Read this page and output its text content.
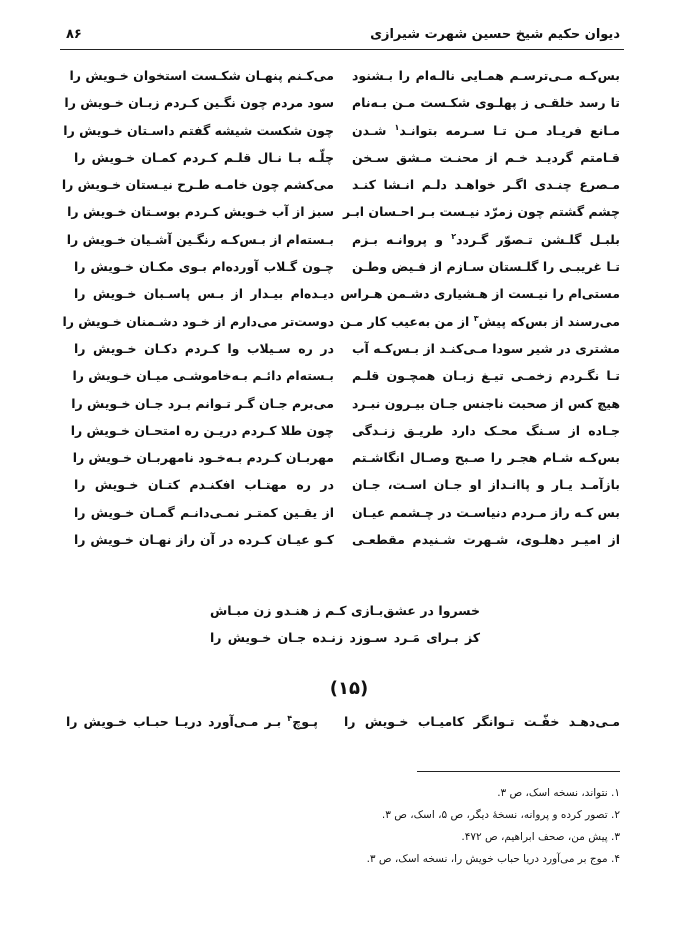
دیوان حکیم شیخ حسین شهرت شیرازی
۸۶
بس‌کـه مـی‌ترسـم همـایی نالـه‌ام را بـشنود
می‌کـنم پنهـان شکـست استخوان خـویش را
تا رسد خلقـی ز پهلـوی شکـست مـن بـه‌نام
سود مردم چون نگـین کـردم زبـان خـویش را
مـانع فریـاد مـن تـا سـرمه بتوانـد$^۱$ شـدن
چون شکست شیشه گفتم داسـتان خـویش را
قـامتم گردیـد خـم از محنـت مـشق سـخن
چلّـه بـا نـال قلـم کـردم کمـان خـویش را
مـصرع چنـدی اگـر خواهـد دلـم انـشا کنـد
می‌کشم چون خامـه طـرح نیـستان خـویش را
چشم گشتم چون زمرّد نیـست بـر احـسان ابـر
سبز از آب خـویش کـردم بوسـتان خـویش را
بلبـل گلـشن تـصوّر گـردد$^۲$ و پروانـه بـزم
بـسته‌ام از بـس‌کـه رنگـین آشـیان خـویش را
تـا غریبـی را گلـستان سـازم از فـیض وطـن
چـون گـلاب آورده‌ام بـوی مکـان خـویش را
مستی‌ام را نیـست از هـشیاری دشـمن هـراس
دیـده‌ام بیـدار از بـس پاسـبان خـویش را
می‌رسند از بس‌که پیش$^۳$ از من به‌عیب کار مـن
دوست‌تر می‌دارم از خـود دشـمنان خـویش را
مشتری در شیر سودا مـی‌کنـد از بـس‌کـه آب
در ره سـیلاب وا کـردم دکـان خـویش را
تـا نگـردم زخمـی تیـغ زبـان همچـون قلـم
بـسته‌ام دائـم بـه‌خاموشـی میـان خـویش را
هیچ کس از صحبت ناجنس جـان بیـرون نبـرد
می‌برم جـان گـر تـوانم بـرد جـان خـویش را
جـاده از سـنگ محـک دارد طریـق زنـدگی
چون طلا کـردم دریـن ره امتحـان خـویش را
بس‌کـه شـام هجـر را صـبح وصـال انگاشـتم
مهربـان کـردم بـه‌خـود نامهربـان خـویش را
بازآمـد یـار و پاانـداز او جـان اسـت، جـان
در ره مهتـاب افکنـدم کتـان خـویش را
بس کـه راز مـردم دنیاسـت در چـشمم عیـان
از یقـین کمتـر نمـی‌دانـم گمـان خـویش را
از امیـر دهلـوی، شـهرت شـنیدم مقطعـی
کـو عیـان کـرده در آن راز نهـان خـویش را
خسروا در عشق‌بـازی کـم ز هنـدو زن مبـاش
کز بـرای مَـرد سـوزد زنـده جـان خـویش را
(۱۵)
مـی‌دهـد خفّـت تـوانگر کامیـاب خـویش را
پـوچ$^۴$ بـر مـی‌آورد دریـا حبـاب خـویش را
۱. نتواند، نسخه اسک، ص ۳.
۲. تصور کرده و پروانه، نسخهٔ دیگر، ص ۵، اسک، ص ۳.
۳. پیش من، صحف ابراهیم، ص ۴۷۲.
۴. موج بر می‌آورد دریا حباب خویش را، نسخه اسک، ص ۳.
